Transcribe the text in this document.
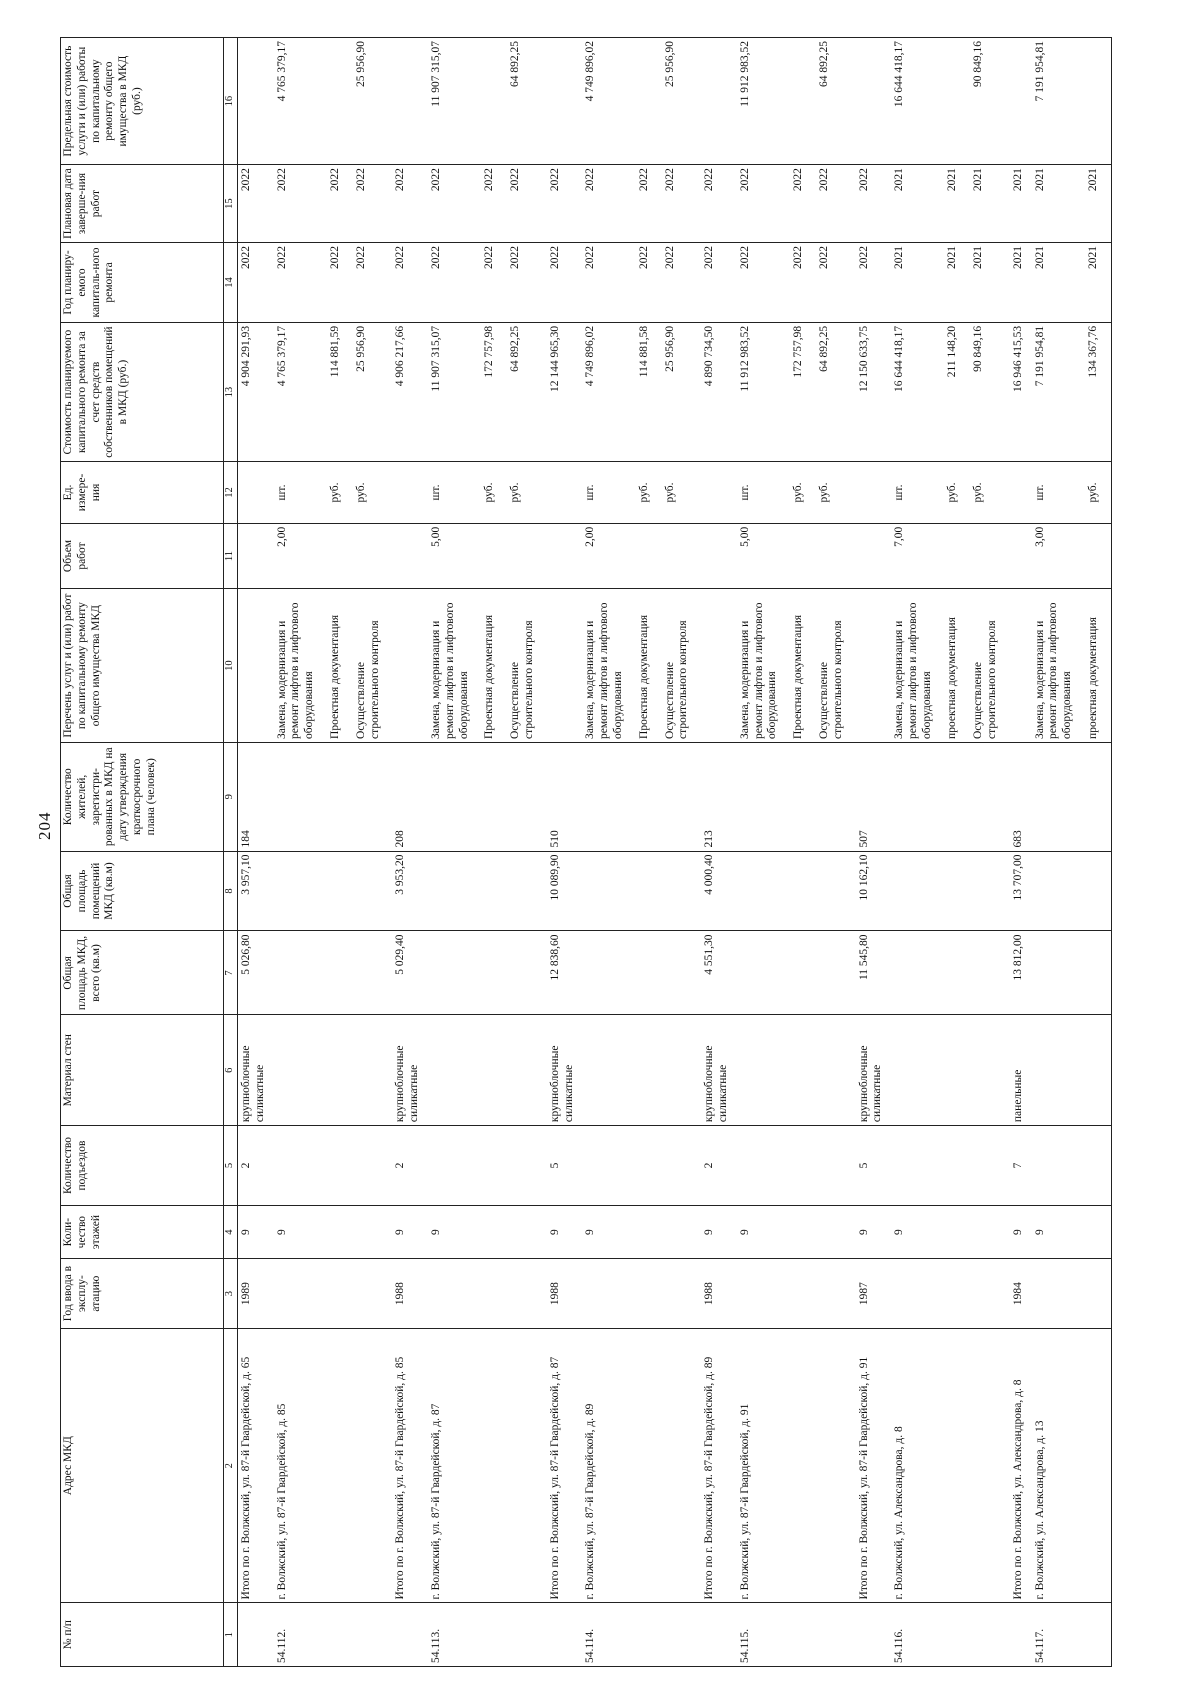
204
№ п/п	Адрес МКД	Год ввода в эксплу-атацию	Коли-чество этажей	Количество подъездов	Материал стен	Общая площадь МКД, всего (кв.м)	Общая площадь помещений МКД (кв.м)	Количество жителей, зарегистри-рованных в МКД на дату утверждения краткосрочного плана (человек)	Перечень услуг и (или) работ по капитальному ремонту общего имущества МКД	Объем работ	Ед. измере-ния	Стоимость планируемого капитального ремонта за счет средств собственников помещений в МКД (руб.)	Год планиру-емого капиталь-ного ремонта	Плановая дата заверше-ния работ	Предельная стоимость услуги и (или) работы по капитальному ремонту общего имущества в МКД (руб.)
1	2	3	4	5	6	7	8	9	10	11	12	13	14	15	16
	Итого по г. Волжский, ул. 87-й Гвардейской, д. 65	1989	9	2	крупноблочные силикатные	5 026,80	3 957,10	184				4 904 291,93	2022	2022	
54.112.	г. Волжский, ул. 87-й Гвардейской, д. 85		9						Замена, модернизация и ремонт лифтов и лифтового оборудования	2,00	шт.	4 765 379,17	2022	2022	4 765 379,17
									Проектная документация		руб.	114 881,59	2022	2022	
									Осуществление строительного контроля		руб.	25 956,90	2022	2022	25 956,90
	Итого по г. Волжский, ул. 87-й Гвардейской, д. 85	1988	9	2	крупноблочные силикатные	5 029,40	3 953,20	208				4 906 217,66	2022	2022	
54.113.	г. Волжский, ул. 87-й Гвардейской, д. 87		9						Замена, модернизация и ремонт лифтов и лифтового оборудования	5,00	шт.	11 907 315,07	2022	2022	11 907 315,07
									Проектная документация		руб.	172 757,98	2022	2022	
									Осуществление строительного контроля		руб.	64 892,25	2022	2022	64 892,25
	Итого по г. Волжский, ул. 87-й Гвардейской, д. 87	1988	9	5	крупноблочные силикатные	12 838,60	10 089,90	510				12 144 965,30	2022	2022	
54.114.	г. Волжский, ул. 87-й Гвардейской, д. 89		9						Замена, модернизация и ремонт лифтов и лифтового оборудования	2,00	шт.	4 749 896,02	2022	2022	4 749 896,02
									Проектная документация		руб.	114 881,58	2022	2022	
									Осуществление строительного контроля		руб.	25 956,90	2022	2022	25 956,90
	Итого по г. Волжский, ул. 87-й Гвардейской, д. 89	1988	9	2	крупноблочные силикатные	4 551,30	4 000,40	213				4 890 734,50	2022	2022	
54.115.	г. Волжский, ул. 87-й Гвардейской, д. 91		9						Замена, модернизация и ремонт лифтов и лифтового оборудования	5,00	шт.	11 912 983,52	2022	2022	11 912 983,52
									Проектная документация		руб.	172 757,98	2022	2022	
									Осуществление строительного контроля		руб.	64 892,25	2022	2022	64 892,25
	Итого по г. Волжский, ул. 87-й Гвардейской, д. 91	1987	9	5	крупноблочные силикатные	11 545,80	10 162,10	507				12 150 633,75	2022	2022	
54.116.	г. Волжский, ул. Александрова, д. 8		9						Замена, модернизация и ремонт лифтов и лифтового оборудования	7,00	шт.	16 644 418,17	2021	2021	16 644 418,17
									проектная документация		руб.	211 148,20	2021	2021	
									Осуществление строительного контроля		руб.	90 849,16	2021	2021	90 849,16
	Итого по г. Волжский, ул. Александрова, д. 8	1984	9	7	панельные	13 812,00	13 707,00	683				16 946 415,53	2021	2021	
54.117.	г. Волжский, ул. Александрова, д. 13		9						Замена, модернизация и ремонт лифтов и лифтового оборудования	3,00	шт.	7 191 954,81	2021	2021	7 191 954,81
									проектная документация		руб.	134 367,76	2021	2021	
